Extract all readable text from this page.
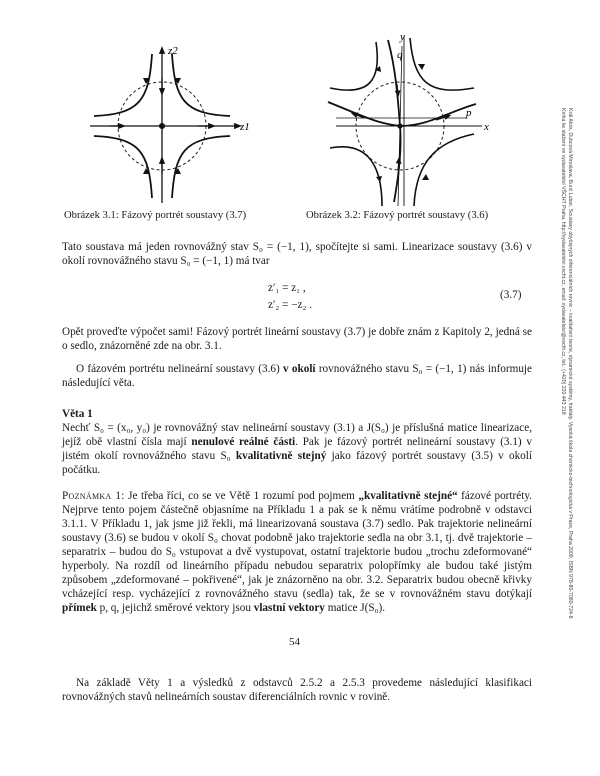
z2
z1
y
q
p
x
Obrázek 3.1: Fázový portrét soustavy (3.7)	Obrázek 3.2: Fázový portrét soustavy (3.6)
Tato soustava má jeden rovnovážný stav S₀ = (−1, 1), spočítejte si sami. Linearizace soustavy (3.6) v okolí rovnovážného stavu S₀ = (−1, 1) má tvar
z′₁ = z₁ ,
z′₂ = −z₂ .
(3.7)
Opět proveďte výpočet sami! Fázový portrét lineární soustavy (3.7) je dobře znám z Kapitoly 2, jedná se o sedlo, znázorněné zde na obr. 3.1.
O fázovém portrétu nelineární soustavy (3.6) v okolí rovnovážného stavu S₀ = (−1, 1) nás informuje následující věta.
Věta 1
Nechť S₀ = (x₀, y₀) je rovnovážný stav nelineární soustavy (3.1) a J(S₀) je příslušná matice linearizace, jejíž obě vlastní čísla mají nenulové reálné části. Pak je fázový portrét nelineární soustavy (3.1) v jistém okolí rovnovážného stavu S₀ kvalitativně stejný jako fázový portrét soustavy (3.5) v okolí počátku.
Poznámka 1: Je třeba říci, co se ve Větě 1 rozumí pod pojmem „kvalitativně stejné“ fázové portréty. Nejprve tento pojem částečně objasníme na Příkladu 1 a pak se k němu vrátíme podrobně v odstavci 3.1.1. V Příkladu 1, jak jsme již řekli, má linearizovaná soustava (3.7) sedlo. Pak trajektorie nelineární soustavy (3.6) se budou v okolí S₀ chovat podobně jako trajektorie sedla na obr 3.1, tj. dvě trajektorie – separatrix – budou do S₀ vstupovat a dvě vystupovat, ostatní trajektorie budou „trochu zdeformované“ hyperboly. Na rozdíl od lineárního případu nebudou separatrix polopřímky ale budou také jistým způsobem „zdeformované – pokřivené“, jak je znázorněno na obr. 3.2. Separatrix budou obecně křivky vcházející resp. vycházející z rovnovážného stavu (sedla) tak, že se v rovnovážném stavu dotýkají přímek p, q, jejichž směrové vektory jsou vlastní vektory matice J(S₀).
Na základě Věty 1 a výsledků z odstavců 2.5.2 a 2.5.3 provedeme následující klasifikaci rovnovážných stavů nelineárních soustav diferenciálních rovnic v rovině.
54
Král Alois, Dubcová Miroslava, Burić Lubor, Soustavy obyčejných diferenciálních rovnic – kvalitativní teorie, dynamické systémy, fraktály. Vysoká škola chemicko-technologická v Praze, Praha 2009, ISBN 978-80-7080-724-8
Kniha ke stažení ve vydavatelství VŠCHT Praha, http://vydavatelstvi.vscht.cz, email: vydavatelstvi@vscht.cz, tel.: (+420) 220 443 218
